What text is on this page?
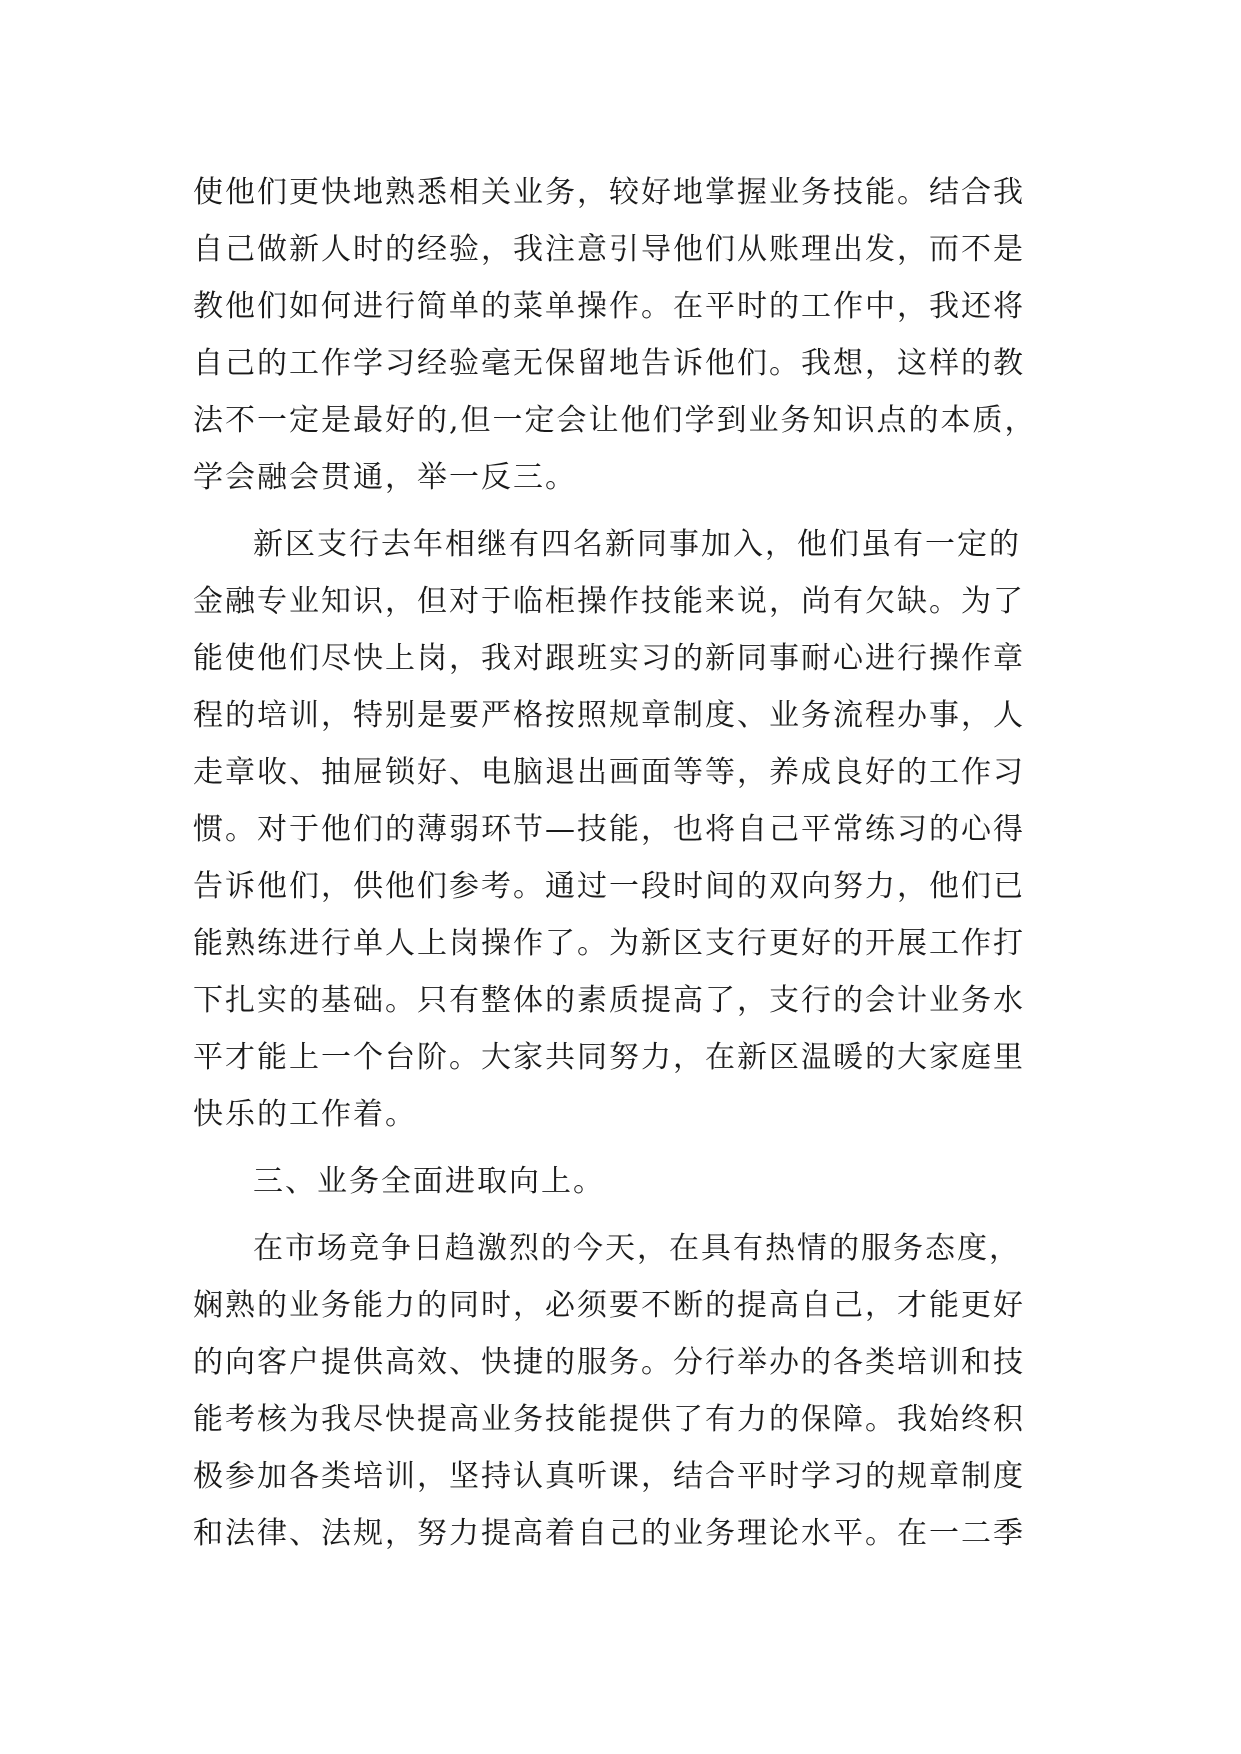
使他们更快地熟悉相关业务，较好地掌握业务技能。结合我
自己做新人时的经验，我注意引导他们从账理出发，而不是
教他们如何进行简单的菜单操作。在平时的工作中，我还将
自己的工作学习经验毫无保留地告诉他们。我想，这样的教
法不一定是最好的,但一定会让他们学到业务知识点的本质，
学会融会贯通，举一反三。
新区支行去年相继有四名新同事加入，他们虽有一定的
金融专业知识，但对于临柜操作技能来说，尚有欠缺。为了
能使他们尽快上岗，我对跟班实习的新同事耐心进行操作章
程的培训，特别是要严格按照规章制度、业务流程办事，人
走章收、抽屉锁好、电脑退出画面等等，养成良好的工作习
惯。对于他们的薄弱环节—技能，也将自己平常练习的心得
告诉他们，供他们参考。通过一段时间的双向努力，他们已
能熟练进行单人上岗操作了。为新区支行更好的开展工作打
下扎实的基础。只有整体的素质提高了，支行的会计业务水
平才能上一个台阶。大家共同努力，在新区温暖的大家庭里
快乐的工作着。
三、业务全面进取向上。
在市场竞争日趋激烈的今天，在具有热情的服务态度，
娴熟的业务能力的同时，必须要不断的提高自己，才能更好
的向客户提供高效、快捷的服务。分行举办的各类培训和技
能考核为我尽快提高业务技能提供了有力的保障。我始终积
极参加各类培训，坚持认真听课，结合平时学习的规章制度
和法律、法规，努力提高着自己的业务理论水平。在一二季
